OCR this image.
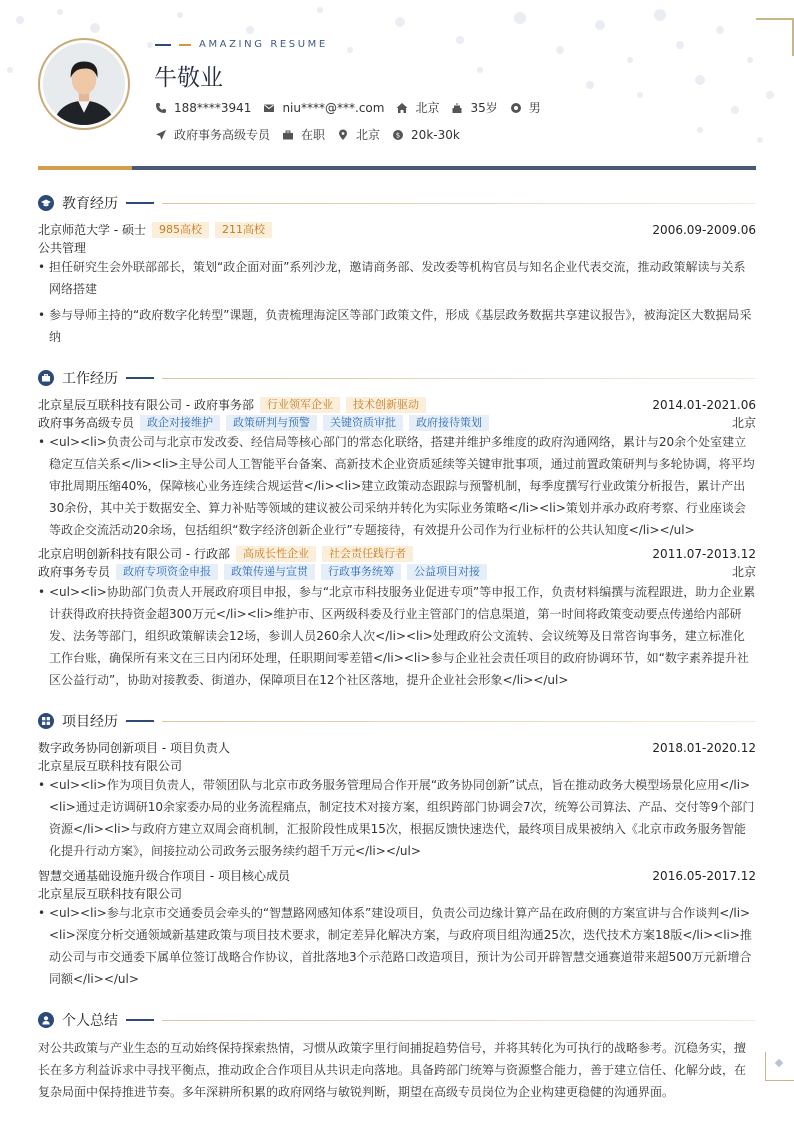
AMAZING RESUME
牛敬业
188****3941	niu****@***.com	北京	35岁	男
政府事务高级专员	在职	北京 $ 20k-30k
教育经历
北京师范大学 - 硕士	985高校	211高校	2006.09-2009.06
公共管理
• 担任研究生会外联部部长，策划“政企面对面”系列沙龙，邀请商务部、发改委等机构官员与知名企业代表交流，推动政策解读与关系网络搭建
• 参与导师主持的“政府数字化转型”课题，负责梳理海淀区等部门政策文件，形成《基层政务数据共享建议报告》，被海淀区大数据局采纳
工作经历
北京星辰互联科技有限公司 - 政府事务部	行业领军企业	技术创新驱动	2014.01-2021.06
政府事务高级专员	政企对接维护	政策研判与预警	关键资质审批	政府接待策划	北京
• <ul><li>负责公司与北京市发改委、经信局等核心部门的常态化联络，搭建并维护多维度的政府沟通网络，累计与20余个处室建立稳定互信关系</li><li>主导公司人工智能平台备案、高新技术企业资质延续等关键审批事项，通过前置政策研判与多轮协调，将平均审批周期压缩40%，保障核心业务连续合规运营</li><li>建立政策动态跟踪与预警机制，每季度撰写行业政策分析报告，累计产出30余份，其中关于数据安全、算力补贴等领域的建议被公司采纳并转化为实际业务策略</li><li>策划并承办政府考察、行业座谈会等政企交流活动20余场，包括组织“数字经济创新企业行”专题接待，有效提升公司作为行业标杆的公共认知度</li></ul>
北京启明创新科技有限公司 - 行政部	高成长性企业	社会责任践行者	2011.07-2013.12
政府事务专员	政府专项资金申报	政策传递与宣贯	行政事务统筹	公益项目对接	北京
• <ul><li>协助部门负责人开展政府项目申报，参与“北京市科技服务业促进专项”等申报工作，负责材料编撰与流程跟进，助力企业累计获得政府扶持资金超300万元</li><li>维护市、区两级科委及行业主管部门的信息渠道，第一时间将政策变动要点传递给内部研发、法务等部门，组织政策解读会12场，参训人员260余人次</li><li>处理政府公文流转、会议统筹及日常咨询事务，建立标准化工作台账，确保所有来文在三日内闭环处理，任职期间零差错</li><li>参与企业社会责任项目的政府协调环节，如“数字素养提升社区公益行动”，协助对接教委、街道办，保障项目在12个社区落地，提升企业社会形象</li></ul>
项目经历
数字政务协同创新项目 - 项目负责人	2018.01-2020.12
北京星辰互联科技有限公司
• <ul><li>作为项目负责人，带领团队与北京市政务服务管理局合作开展“政务协同创新”试点，旨在推动政务大模型场景化应用</li><li>通过走访调研10余家委办局的业务流程痛点，制定技术对接方案，组织跨部门协调会7次，统筹公司算法、产品、交付等9个部门资源</li><li>与政府方建立双周会商机制，汇报阶段性成果15次，根据反馈快速迭代，最终项目成果被纳入《北京市政务服务智能化提升行动方案》，间接拉动公司政务云服务续约超千万元</li></ul>
智慧交通基础设施升级合作项目 - 项目核心成员	2016.05-2017.12
北京星辰互联科技有限公司
• <ul><li>参与北京市交通委员会牵头的“智慧路网感知体系”建设项目，负责公司边缘计算产品在政府侧的方案宣讲与合作谈判</li><li>深度分析交通领域新基建政策与项目技术要求，制定差异化解决方案，与政府项目组沟通25次，迭代技术方案18版</li><li>推动公司与市交通委下属单位签订战略合作协议，首批落地3个示范路口改造项目，预计为公司开辟智慧交通赛道带来超500万元新增合同额</li></ul>
个人总结
对公共政策与产业生态的互动始终保持探索热情，习惯从政策字里行间捕捉趋势信号，并将其转化为可执行的战略参考。沉稳务实，擅长在多方利益诉求中寻找平衡点，推动政企合作项目从共识走向落地。具备跨部门统筹与资源整合能力，善于建立信任、化解分歧，在复杂局面中保持推进节奏。多年深耕所积累的政府网络与敏锐判断，期望在高级专员岗位为企业构建更稳健的沟通界面。
